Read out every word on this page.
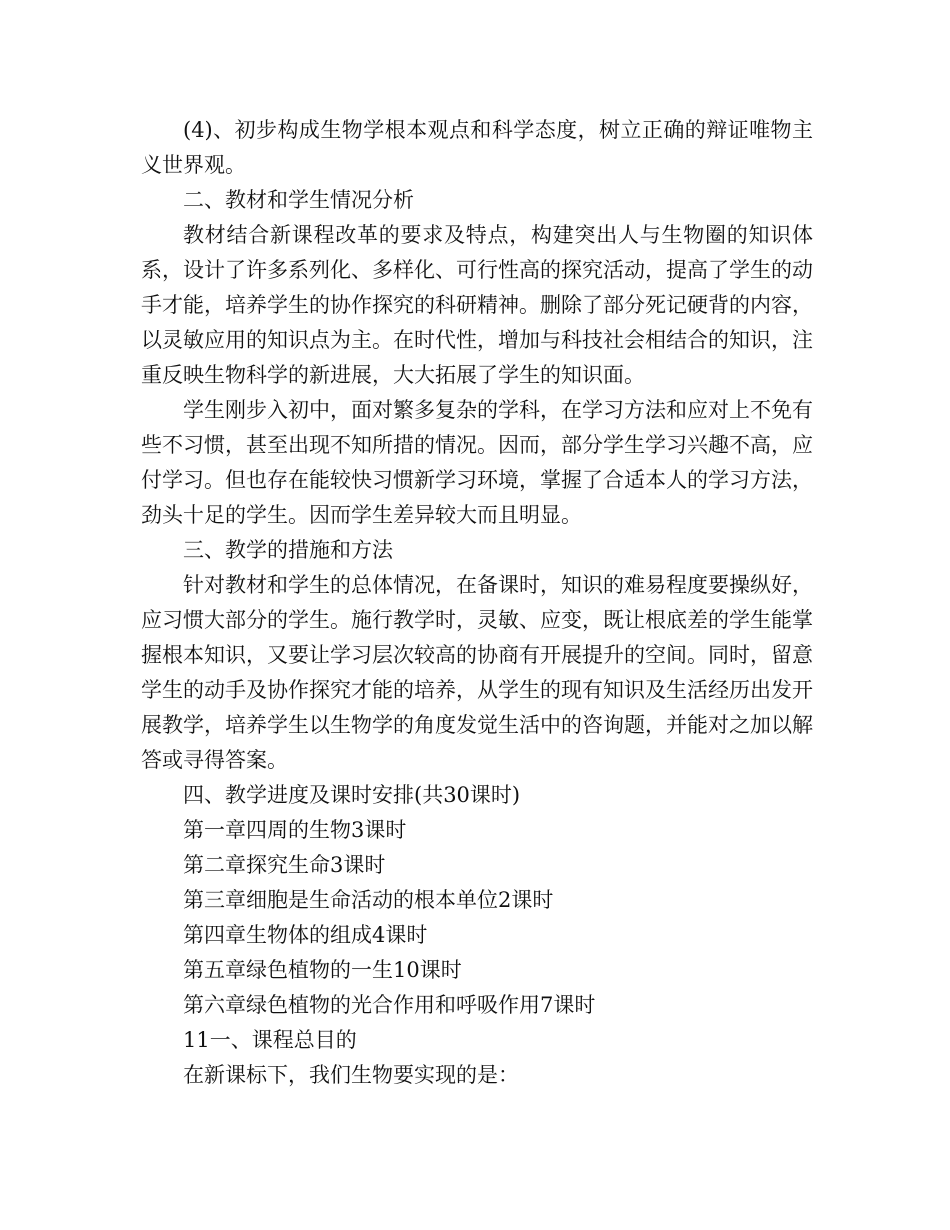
(4)、初步构成生物学根本观点和科学态度，树立正确的辩证唯物主义世界观。

二、教材和学生情况分析

教材结合新课程改革的要求及特点，构建突出人与生物圈的知识体系，设计了许多系列化、多样化、可行性高的探究活动，提高了学生的动手才能，培养学生的协作探究的科研精神。删除了部分死记硬背的内容，以灵敏应用的知识点为主。在时代性，增加与科技社会相结合的知识，注重反映生物科学的新进展，大大拓展了学生的知识面。

学生刚步入初中，面对繁多复杂的学科，在学习方法和应对上不免有些不习惯，甚至出现不知所措的情况。因而，部分学生学习兴趣不高，应付学习。但也存在能较快习惯新学习环境，掌握了合适本人的学习方法，劲头十足的学生。因而学生差异较大而且明显。

三、教学的措施和方法

针对教材和学生的总体情况，在备课时，知识的难易程度要操纵好，应习惯大部分的学生。施行教学时，灵敏、应变，既让根底差的学生能掌握根本知识，又要让学习层次较高的协商有开展提升的空间。同时，留意学生的动手及协作探究才能的培养，从学生的现有知识及生活经历出发开展教学，培养学生以生物学的角度发觉生活中的咨询题，并能对之加以解答或寻得答案。

四、教学进度及课时安排(共30课时)

第一章四周的生物3课时

第二章探究生命3课时

第三章细胞是生命活动的根本单位2课时

第四章生物体的组成4课时

第五章绿色植物的一生10课时

第六章绿色植物的光合作用和呼吸作用7课时

11一、课程总目的

在新课标下，我们生物要实现的是：
